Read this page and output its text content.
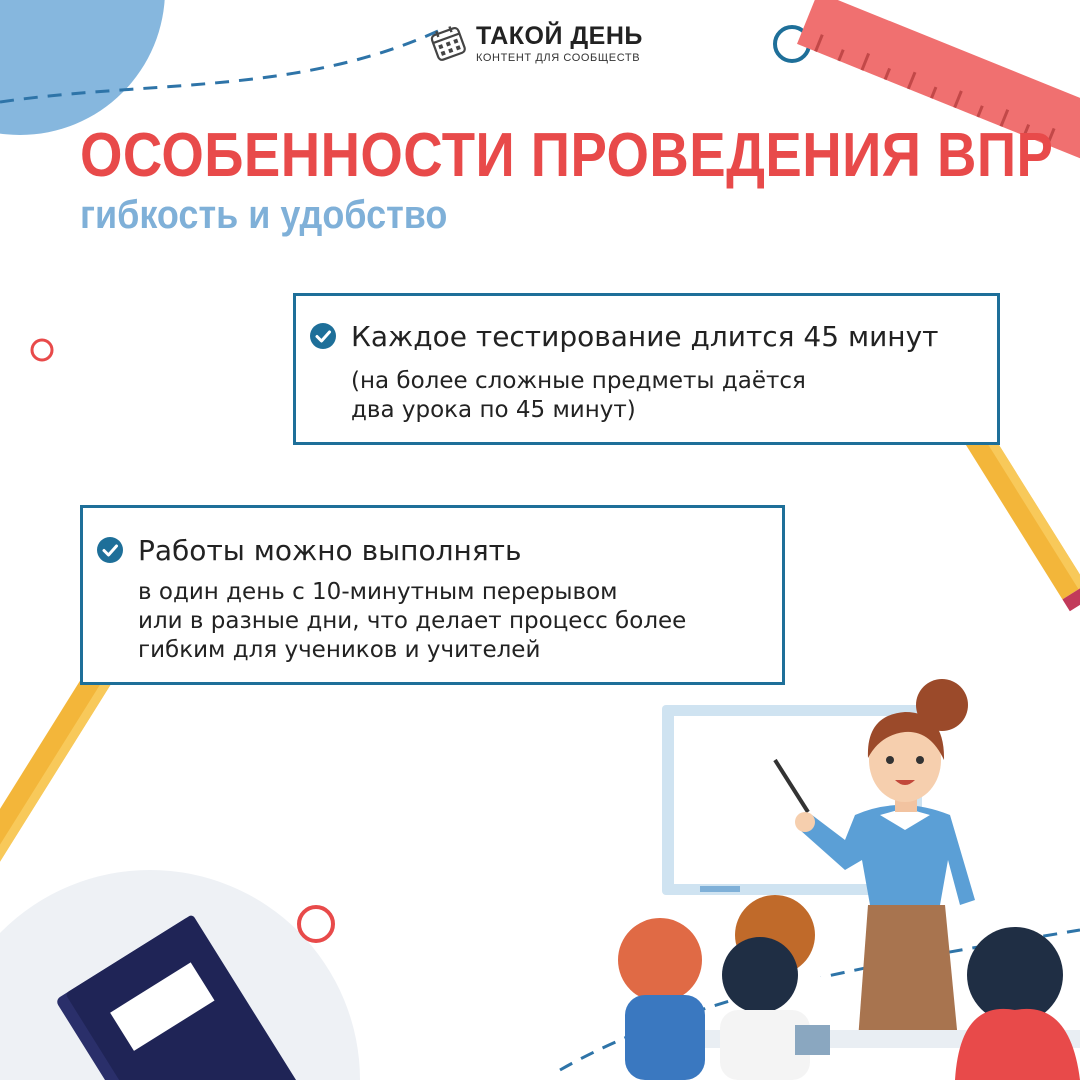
ТАКОЙ ДЕНЬ
КОНТЕНТ ДЛЯ СООБЩЕСТВ
ОСОБЕННОСТИ ПРОВЕДЕНИЯ ВПР
гибкость и удобство
Каждое тестирование длится 45 минут
(на более сложные предметы даётся
два урока по 45 минут)
Работы можно выполнять
в один день с 10-минутным перерывом
или в разные дни, что делает процесс более
гибким для учеников и учителей
